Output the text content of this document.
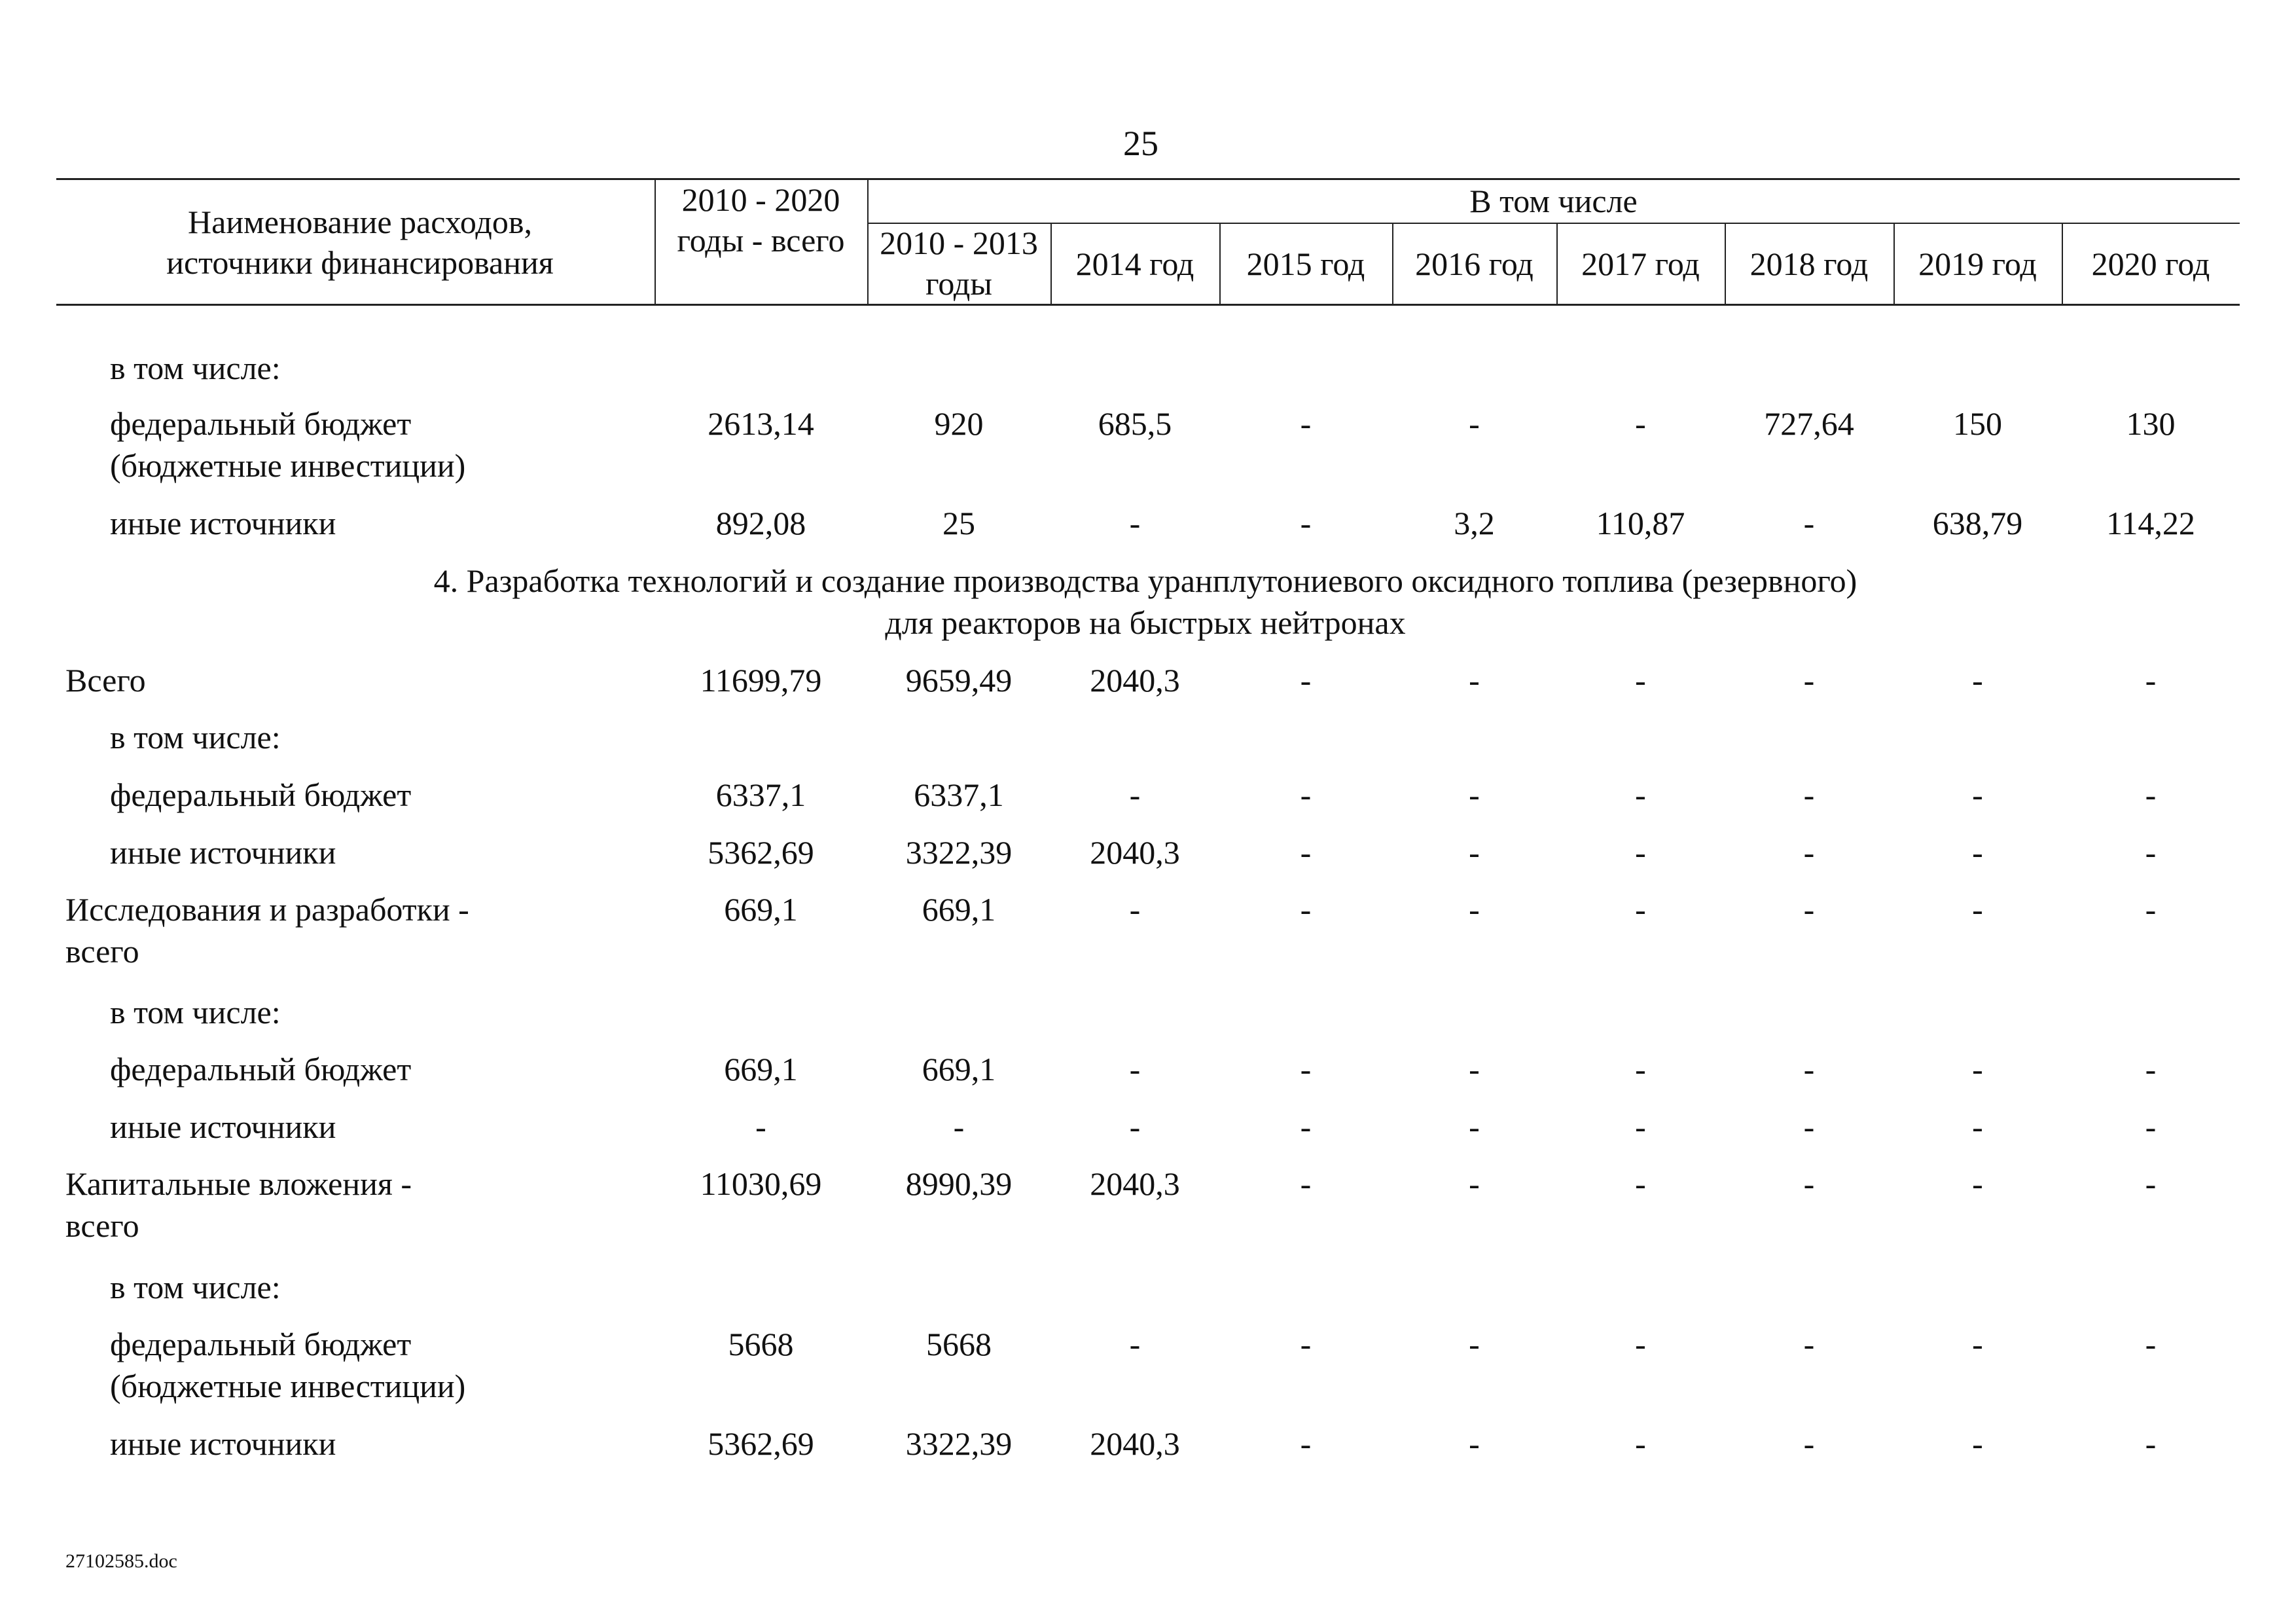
25
Наименование расходов, источники финансирования
2010 - 2020 годы - всего
В том числе
2010 - 2013 годы
2014 год	2015 год	2016 год	2017 год	2018 год	2019 год	2020 год
в том числе:
федеральный бюджет
(бюджетные инвестиции)
2613,14	920	685,5	-	-	-	727,64	150	130
иные источники	892,08	25	-	-	3,2	110,87	-	638,79	114,22
4. Разработка технологий и создание производства уранплутониевого оксидного топлива (резервного)
для реакторов на быстрых нейтронах
Всего	11699,79	9659,49	2040,3	-	-	-	-	-	-
в том числе:
федеральный бюджет	6337,1	6337,1	-	-	-	-	-	-	-
иные источники	5362,69	3322,39	2040,3	-	-	-	-	-	-
Исследования и разработки -
всего
669,1	669,1	-	-	-	-	-	-	-
в том числе:
федеральный бюджет	669,1	669,1	-	-	-	-	-	-	-
иные источники	-	-	-	-	-	-	-	-	-
Капитальные вложения -
всего
11030,69	8990,39	2040,3	-	-	-	-	-	-
в том числе:
федеральный бюджет
(бюджетные инвестиции)
5668	5668	-	-	-	-	-	-	-
иные источники	5362,69	3322,39	2040,3	-	-	-	-	-	-
27102585.doc
